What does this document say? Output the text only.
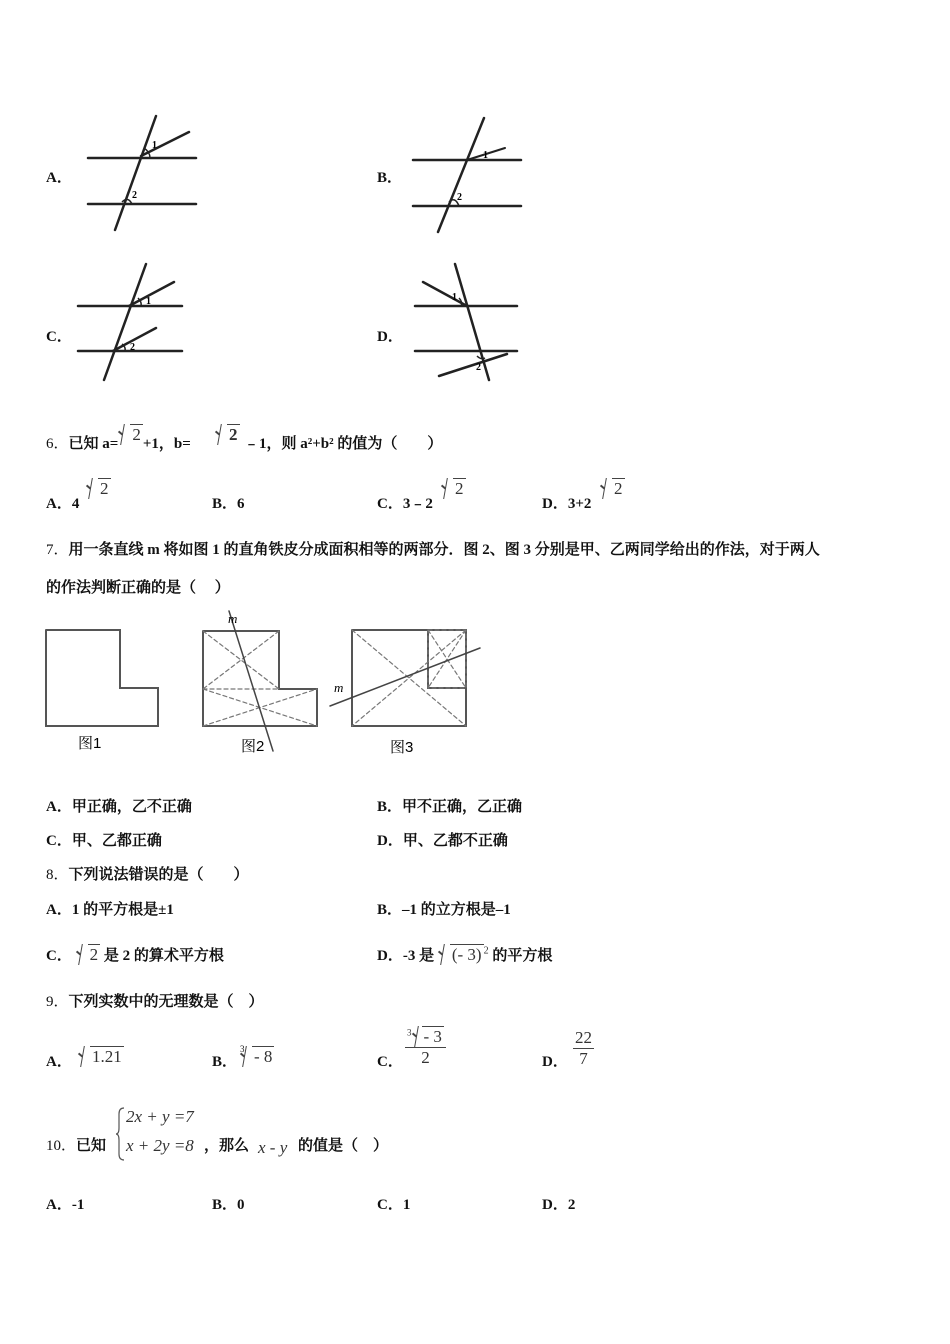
A．
1
2
B．
1
2
C．
1
2
D．
1
2
6．已知 a= 2 +1，b=	2 ﹣1，则 a²+b² 的值为（　　）
A．4
2
B．6	C．3﹣2
2
D．3+2
2
7．用一条直线 m 将如图 1 的直角铁皮分成面积相等的两部分．图 2、图 3 分别是甲、乙两同学给出的作法，对于两人
的作法判断正确的是（　 ）
图1
m
图2
m
图3
A．甲正确，乙不正确	B．甲不正确，乙正确
C．甲、乙都正确	D．甲、乙都不正确
8．下列说法错误的是（　　）
A．1 的平方根是±1	B．–1 的立方根是–1
C． 2 是 2 的算术平方根	D．-3 是 (- 3) $^2$ 的平方根
9．下列实数中的无理数是（　）
A．	1.21	B．
3 - 8	C． $\frac{^3 - 3}{2}$	D． $\frac{22}{7}$
10．已知
2x + y =7
x + 2y =8 ，那么 x - y 的值是（　）
A．-1	B．0	C．1	D．2
